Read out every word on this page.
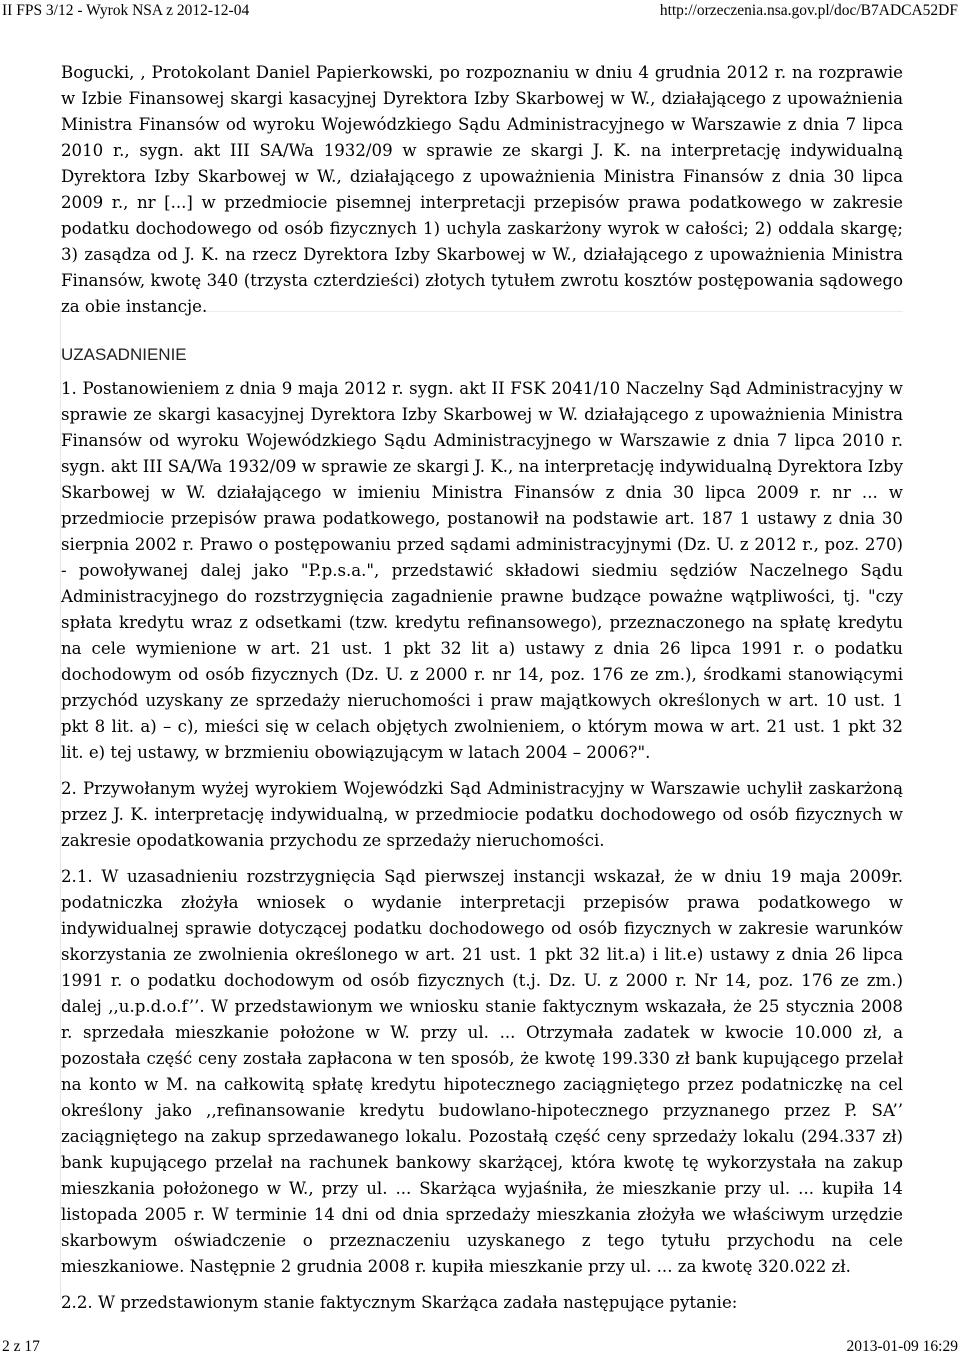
II FPS 3/12 - Wyrok NSA z 2012-12-04	http://orzeczenia.nsa.gov.pl/doc/B7ADCA52DF

Bogucki, , Protokolant Daniel Papierkowski, po rozpoznaniu w dniu 4 grudnia 2012 r. na rozprawie w Izbie Finansowej skargi kasacyjnej Dyrektora Izby Skarbowej w W., działającego z upoważnienia Ministra Finansów od wyroku Wojewódzkiego Sądu Administracyjnego w Warszawie z dnia 7 lipca 2010 r., sygn. akt III SA/Wa 1932/09 w sprawie ze skargi J. K. na interpretację indywidualną Dyrektora Izby Skarbowej w W., działającego z upoważnienia Ministra Finansów z dnia 30 lipca 2009 r., nr [...] w przedmiocie pisemnej interpretacji przepisów prawa podatkowego w zakresie podatku dochodowego od osób fizycznych 1) uchyla zaskarżony wyrok w całości; 2) oddala skargę; 3) zasądza od J. K. na rzecz Dyrektora Izby Skarbowej w W., działającego z upoważnienia Ministra Finansów, kwotę 340 (trzysta czterdzieści) złotych tytułem zwrotu kosztów postępowania sądowego za obie instancje.

UZASADNIENIE

1. Postanowieniem z dnia 9 maja 2012 r. sygn. akt II FSK 2041/10 Naczelny Sąd Administracyjny w sprawie ze skargi kasacyjnej Dyrektora Izby Skarbowej w W. działającego z upoważnienia Ministra Finansów od wyroku Wojewódzkiego Sądu Administracyjnego w Warszawie z dnia 7 lipca 2010 r. sygn. akt III SA/Wa 1932/09 w sprawie ze skargi J. K., na interpretację indywidualną Dyrektora Izby Skarbowej w W. działającego w imieniu Ministra Finansów z dnia 30 lipca 2009 r. nr ... w przedmiocie przepisów prawa podatkowego, postanowił na podstawie art. 187 1 ustawy z dnia 30 sierpnia 2002 r. Prawo o postępowaniu przed sądami administracyjnymi (Dz. U. z 2012 r., poz. 270) - powoływanej dalej jako "P.p.s.a.", przedstawić składowi siedmiu sędziów Naczelnego Sądu Administracyjnego do rozstrzygnięcia zagadnienie prawne budzące poważne wątpliwości, tj. "czy spłata kredytu wraz z odsetkami (tzw. kredytu refinansowego), przeznaczonego na spłatę kredytu na cele wymienione w art. 21 ust. 1 pkt 32 lit a) ustawy z dnia 26 lipca 1991 r. o podatku dochodowym od osób fizycznych (Dz. U. z 2000 r. nr 14, poz. 176 ze zm.), środkami stanowiącymi przychód uzyskany ze sprzedaży nieruchomości i praw majątkowych określonych w art. 10 ust. 1 pkt 8 lit. a) – c), mieści się w celach objętych zwolnieniem, o którym mowa w art. 21 ust. 1 pkt 32 lit. e) tej ustawy, w brzmieniu obowiązującym w latach 2004 – 2006?".

2. Przywołanym wyżej wyrokiem Wojewódzki Sąd Administracyjny w Warszawie uchylił zaskarżoną przez J. K. interpretację indywidualną, w przedmiocie podatku dochodowego od osób fizycznych w zakresie opodatkowania przychodu ze sprzedaży nieruchomości.

2.1. W uzasadnieniu rozstrzygnięcia Sąd pierwszej instancji wskazał, że w dniu 19 maja 2009r. podatniczka złożyła wniosek o wydanie interpretacji przepisów prawa podatkowego w indywidualnej sprawie dotyczącej podatku dochodowego od osób fizycznych w zakresie warunków skorzystania ze zwolnienia określonego w art. 21 ust. 1 pkt 32 lit.a) i lit.e) ustawy z dnia 26 lipca 1991 r. o podatku dochodowym od osób fizycznych (t.j. Dz. U. z 2000 r. Nr 14, poz. 176 ze zm.) dalej ,,u.p.d.o.f’’. W przedstawionym we wniosku stanie faktycznym wskazała, że 25 stycznia 2008 r. sprzedała mieszkanie położone w W. przy ul. ... Otrzymała zadatek w kwocie 10.000 zł, a pozostała część ceny została zapłacona w ten sposób, że kwotę 199.330 zł bank kupującego przelał na konto w M. na całkowitą spłatę kredytu hipotecznego zaciągniętego przez podatniczkę na cel określony jako ,,refinansowanie kredytu budowlano-hipotecznego przyznanego przez P. SA’’ zaciągniętego na zakup sprzedawanego lokalu. Pozostałą część ceny sprzedaży lokalu (294.337 zł) bank kupującego przelał na rachunek bankowy skarżącej, która kwotę tę wykorzystała na zakup mieszkania położonego w W., przy ul. ... Skarżąca wyjaśniła, że mieszkanie przy ul. ... kupiła 14 listopada 2005 r. W terminie 14 dni od dnia sprzedaży mieszkania złożyła we właściwym urzędzie skarbowym oświadczenie o przeznaczeniu uzyskanego z tego tytułu przychodu na cele mieszkaniowe. Następnie 2 grudnia 2008 r. kupiła mieszkanie przy ul. ... za kwotę 320.022 zł.

2.2. W przedstawionym stanie faktycznym Skarżąca zadała następujące pytanie:

2 z 17	2013-01-09 16:29
